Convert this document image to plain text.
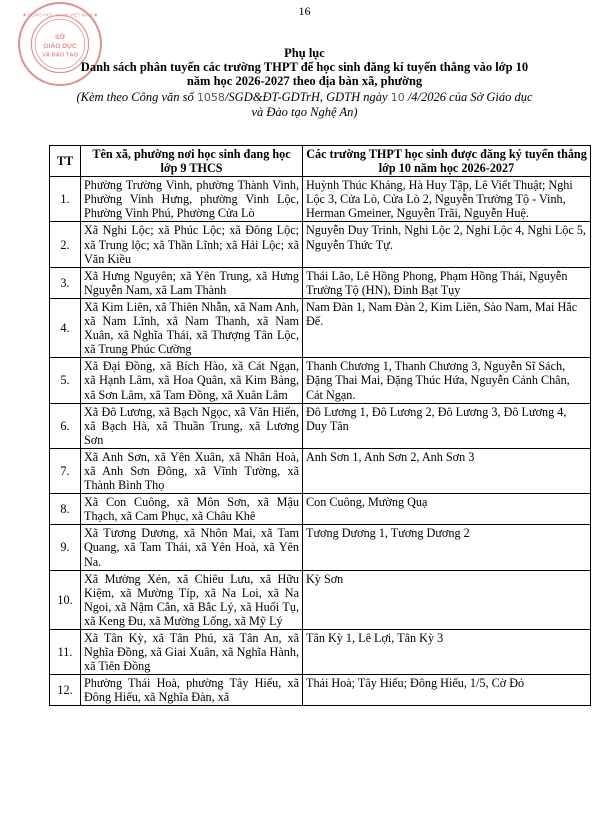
16
SỞ
GIÁO DỤC
VÀ ĐÀO TẠO
★ CỘNG HOÀ XHCN VIỆT NAM ★
Phụ lục
Danh sách phân tuyến các trường THPT để học sinh đăng kí tuyển thẳng vào lớp 10
năm học 2026-2027 theo địa bàn xã, phường
(Kèm theo Công văn số 1058/SGD&ĐT-GDTrH, GDTH ngày 10 /4/2026 của Sở Giáo dục
và Đào tạo Nghệ An)
TT	Tên xã, phường nơi học sinh đang học lớp 9 THCS	Các trường THPT học sinh được đăng ký tuyển thẳng lớp 10 năm học 2026-2027
1.	Phường Trường Vinh, phường Thành Vinh, Phường Vinh Hưng, phường Vinh Lộc, Phường Vinh Phú, Phường Cửa Lò	Huỳnh Thúc Kháng, Hà Huy Tập, Lê Viết Thuật; Nghi Lộc 3, Cửa Lò, Cửa Lò 2, Nguyễn Trường Tộ - Vinh, Herman Gmeiner, Nguyễn Trãi, Nguyễn Huệ.
2.	Xã Nghi Lộc; xã Phúc Lộc; xã Đông Lộc; xã Trung lộc; xã Thần Lĩnh; xã Hải Lộc; xã Văn Kiều	Nguyễn Duy Trinh, Nghi Lộc 2, Nghi Lộc 4, Nghi Lộc 5, Nguyễn Thức Tự.
3.	Xã Hưng Nguyên; xã Yên Trung, xã Hưng Nguyễn Nam, xã Lam Thành	Thái Lão, Lê Hồng Phong, Phạm Hồng Thái, Nguyễn Trường Tộ (HN), Đinh Bạt Tụy
4.	Xã Kim Liên, xã Thiên Nhẫn, xã Nam Anh, xã Nam Lĩnh, xã Nam Thanh, xã Nam Xuân, xã Nghĩa Thái, xã Thượng Tân Lộc, xã Trung Phúc Cường	Nam Đàn 1, Nam Đàn 2, Kim Liên, Sào Nam, Mai Hắc Đế.
5.	Xã Đại Đồng, xã Bích Hào, xã Cát Ngạn, xã Hạnh Lâm, xã Hoa Quân, xã Kim Bảng, xã Sơn Lâm, xã Tam Đồng, xã Xuân Lâm	Thanh Chương 1, Thanh Chương 3, Nguyễn Sĩ Sách, Đặng Thai Mai, Đặng Thúc Hứa, Nguyễn Cảnh Chân, Cát Ngạn.
6.	Xã Đô Lương, xã Bạch Ngọc, xã Văn Hiến, xã Bạch Hà, xã Thuần Trung, xã Lương Sơn	Đô Lương 1, Đô Lương 2, Đô Lương 3, Đô Lương 4, Duy Tân
7.	Xã Anh Sơn, xã Yên Xuân, xã Nhân Hoà, xã Anh Sơn Đông, xã Vĩnh Tường, xã Thành Bình Thọ	Anh Sơn 1, Anh Sơn 2, Anh Sơn 3
8.	Xã Con Cuông, xã Môn Sơn, xã Mậu Thạch, xã Cam Phục, xã Châu Khê	Con Cuông, Mường Quạ
9.	Xã Tương Dương, xã Nhôn Mai, xã Tam Quang, xã Tam Thái, xã Yên Hoà, xã Yên Na.	Tương Dương 1, Tương Dương 2
10.	Xã Mường Xén, xã Chiêu Lưu, xã Hữu Kiệm, xã Mường Típ, xã Na Loi, xã Na Ngoi, xã Nậm Cắn, xã Bắc Lý, xã Huổi Tụ, xã Keng Đu, xã Mường Lống, xã Mỹ Lý	Kỳ Sơn
11.	Xã Tân Kỳ, xã Tân Phú, xã Tân An, xã Nghĩa Đồng, xã Giai Xuân, xã Nghĩa Hành, xã Tiên Đồng	Tân Kỳ 1, Lê Lợi, Tân Kỳ 3
12.	Phường Thái Hoà, phường Tây Hiếu, xã Đông Hiếu, xã Nghĩa Đàn, xã	Thái Hoà; Tây Hiếu; Đông Hiếu, 1/5, Cờ Đỏ
